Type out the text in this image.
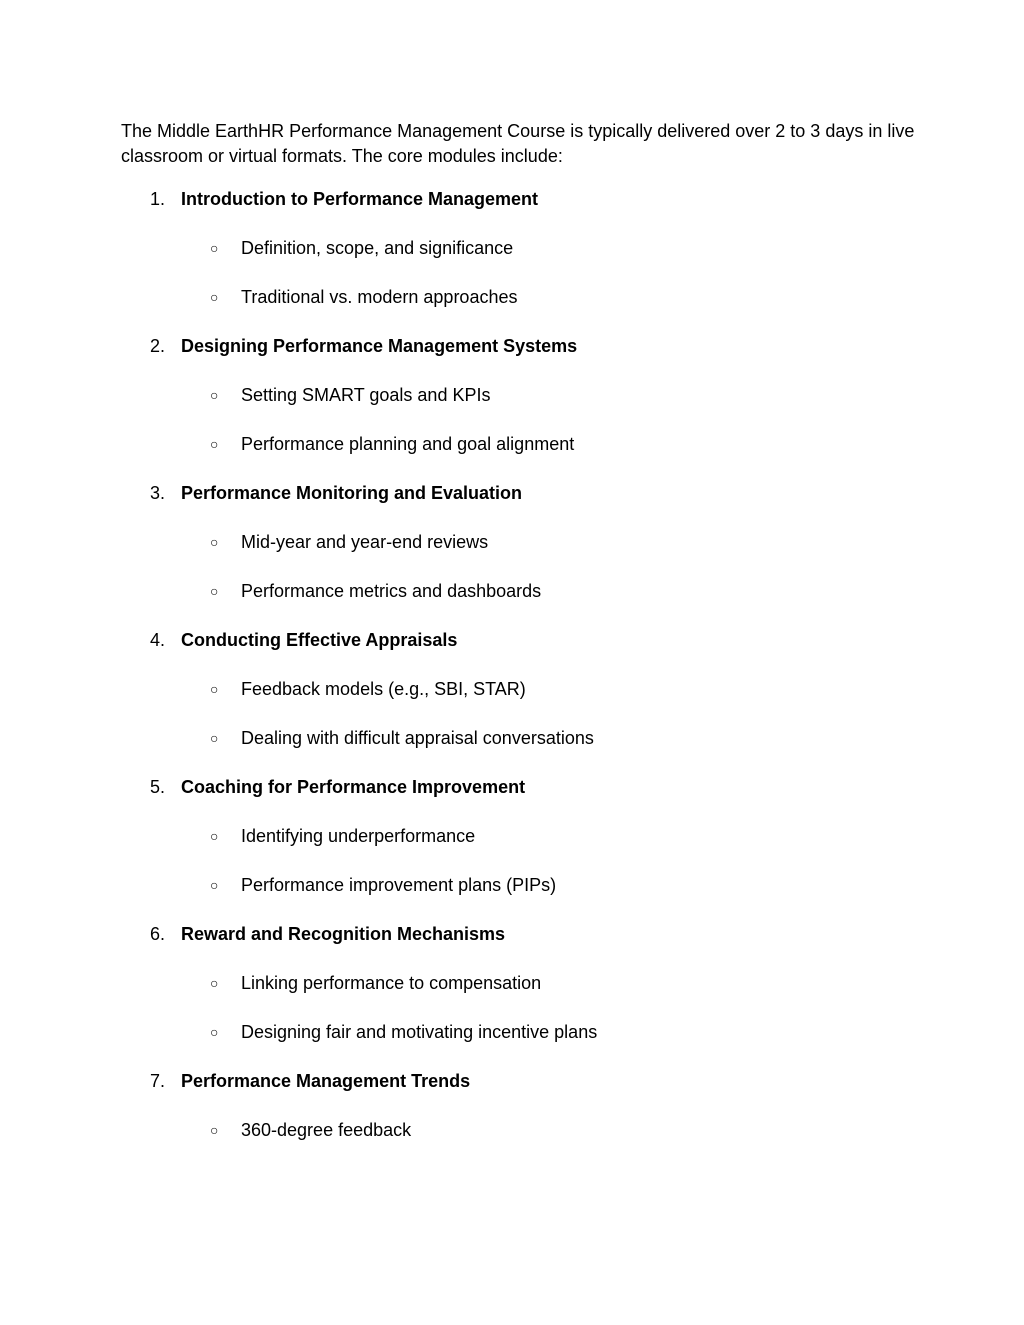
The Middle EarthHR Performance Management Course is typically delivered over 2 to 3 days in live classroom or virtual formats. The core modules include:

1. Introduction to Performance Management
○ Definition, scope, and significance
○ Traditional vs. modern approaches
2. Designing Performance Management Systems
○ Setting SMART goals and KPIs
○ Performance planning and goal alignment
3. Performance Monitoring and Evaluation
○ Mid-year and year-end reviews
○ Performance metrics and dashboards
4. Conducting Effective Appraisals
○ Feedback models (e.g., SBI, STAR)
○ Dealing with difficult appraisal conversations
5. Coaching for Performance Improvement
○ Identifying underperformance
○ Performance improvement plans (PIPs)
6. Reward and Recognition Mechanisms
○ Linking performance to compensation
○ Designing fair and motivating incentive plans
7. Performance Management Trends
○ 360-degree feedback
